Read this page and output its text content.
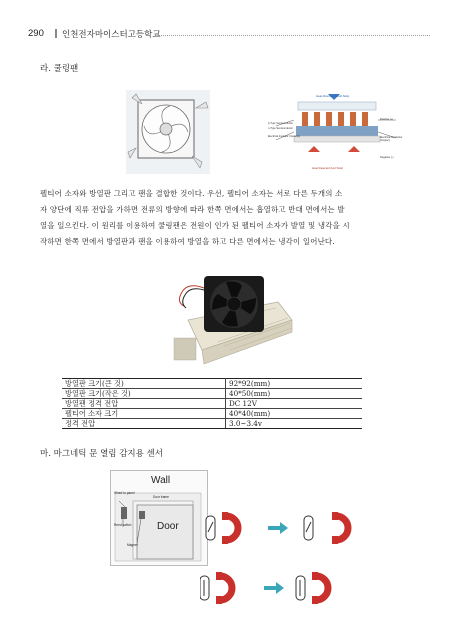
290 인천전자마이스터고등학교
라. 쿨링팬
Heat Absorbed (Cold Side)
Positive (+)
p-Type Semiconductor
n-Type Semiconductor
Electrical Insulator (Ceramic)	Electrical Conductor (Copper)
Negative (-)
Heat Rejected (Hot Side)
펠티어 소자와 방열판 그리고 팬을 결합한 것이다. 우선, 펠티어 소자는 서로 다른 두개의 소
자 양단에 직류 전압을 가하면 전류의 방향에 따라 한쪽 면에서는 흡열하고 반대 면에서는 발
열을 일으킨다. 이 원리를 이용하여 쿨링팬은 전원이 인가 된 펠티어 소자가 발열 및 냉각을 시
작하면 한쪽 면에서 방열판과 팬을 이용하여 방열을 하고 다른 면에서는 냉각이 일어난다.
방열판 크기(큰 것)	92*92(mm)
방열판 크기(작은 것)	40*50(mm)
방열팬 정격 전압	DC 12V
펠티어 소자 크기	40*40(mm)
정격 전압	3.0~3.4v
마. 마그네틱 문 열림 감지용 센서
Wall
Wired to panel
Door frame
Reed switch	Door
Magnet
